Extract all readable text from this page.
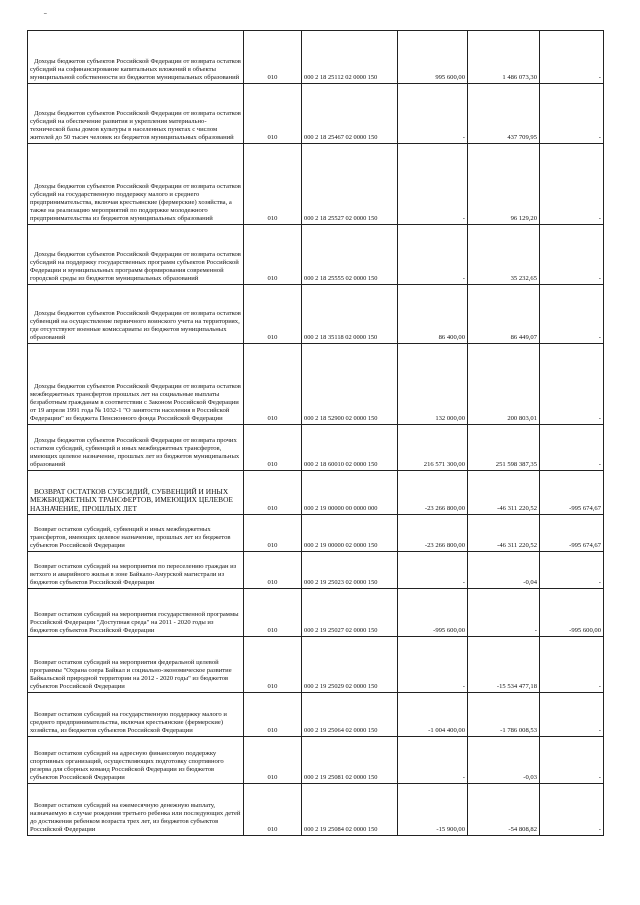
ـ
Доходы бюджетов субъектов Российской Федерации от возврата остатков субсидий на софинансирование капитальных вложений в объекты муниципальной собственности из бюджетов муниципальных образований	010	000 2 18 25112 02 0000 150	995 600,00	1 486 073,30	-

Доходы бюджетов субъектов Российской Федерации от возврата остатков субсидий на обеспечение развития и укрепления материально-технической базы домов культуры в населенных пунктах с числом жителей до 50 тысяч человек из бюджетов муниципальных образований	010	000 2 18 25467 02 0000 150	-	437 709,95	-

Доходы бюджетов субъектов Российской Федерации от возврата остатков субсидий на государственную поддержку малого и среднего предпринимательства, включая крестьянские (фермерские) хозяйства, а также на реализацию мероприятий по поддержке молодежного предпринимательства из бюджетов муниципальных образований	010	000 2 18 25527 02 0000 150	-	96 129,20	-

Доходы бюджетов субъектов Российской Федерации от возврата остатков субсидий на поддержку государственных программ субъектов Российской Федерации и муниципальных программ формирования современной городской среды из бюджетов муниципальных образований	010	000 2 18 25555 02 0000 150	-	35 232,65	-

Доходы бюджетов субъектов Российской Федерации от возврата остатков субвенций на осуществление первичного воинского учета на территориях, где отсутствуют военные комиссариаты из бюджетов муниципальных образований	010	000 2 18 35118 02 0000 150	86 400,00	86 449,07	-

Доходы бюджетов субъектов Российской Федерации от возврата остатков межбюджетных трансфертов прошлых лет на социальные выплаты безработным гражданам в соответствии с Законом Российской Федерации от 19 апреля 1991 года № 1032-1 "О занятости населения в Российской Федерации" из бюджета Пенсионного фонда Российской Федерации	010	000 2 18 52900 02 0000 150	132 000,00	200 803,01	-

Доходы бюджетов субъектов Российской Федерации от возврата прочих остатков субсидий, субвенций и иных межбюджетных трансфертов, имеющих целевое назначение, прошлых лет из бюджетов муниципальных образований	010	000 2 18 60010 02 0000 150	216 571 300,00	251 598 387,35	-

ВОЗВРАТ ОСТАТКОВ СУБСИДИЙ, СУБВЕНЦИЙ И ИНЫХ МЕЖБЮДЖЕТНЫХ ТРАНСФЕРТОВ, ИМЕЮЩИХ ЦЕЛЕВОЕ НАЗНАЧЕНИЕ, ПРОШЛЫХ ЛЕТ	010	000 2 19 00000 00 0000 000	-23 266 800,00	-46 311 220,52	-995 674,67

Возврат остатков субсидий, субвенций и иных межбюджетных трансфертов, имеющих целевое назначение, прошлых лет из бюджетов субъектов Российской Федерации	010	000 2 19 00000 02 0000 150	-23 266 800,00	-46 311 220,52	-995 674,67

Возврат остатков субсидий на мероприятия по переселению граждан из ветхого и аварийного жилья в зоне Байкало-Амурской магистрали из бюджетов субъектов Российской Федерации	010	000 2 19 25023 02 0000 150	-	-0,04	-

Возврат остатков субсидий на мероприятия государственной программы Российской Федерации "Доступная среда" на 2011 - 2020 годы из бюджетов субъектов Российской Федерации	010	000 2 19 25027 02 0000 150	-995 600,00	-	-995 600,00

Возврат остатков субсидий на мероприятия федеральной целевой программы "Охрана озера Байкал и социально-экономическое развитие Байкальской природной территории на 2012 - 2020 годы" из бюджетов субъектов Российской Федерации	010	000 2 19 25029 02 0000 150	-	-15 534 477,18	-

Возврат остатков субсидий на государственную поддержку малого и среднего предпринимательства, включая крестьянские (фермерские) хозяйства, из бюджетов субъектов Российской Федерации	010	000 2 19 25064 02 0000 150	-1 004 400,00	-1 786 008,53	-

Возврат остатков субсидий на адресную финансовую поддержку спортивных организаций, осуществляющих подготовку спортивного резерва для сборных команд Российской Федерации из бюджетов субъектов Российской Федерации	010	000 2 19 25081 02 0000 150	-	-0,03	-

Возврат остатков субсидий на ежемесячную денежную выплату, назначаемую в случае рождения третьего ребенка или последующих детей до достижения ребенком возраста трех лет, из бюджетов субъектов Российской Федерации	010	000 2 19 25084 02 0000 150	-15 900,00	-54 808,82	-
